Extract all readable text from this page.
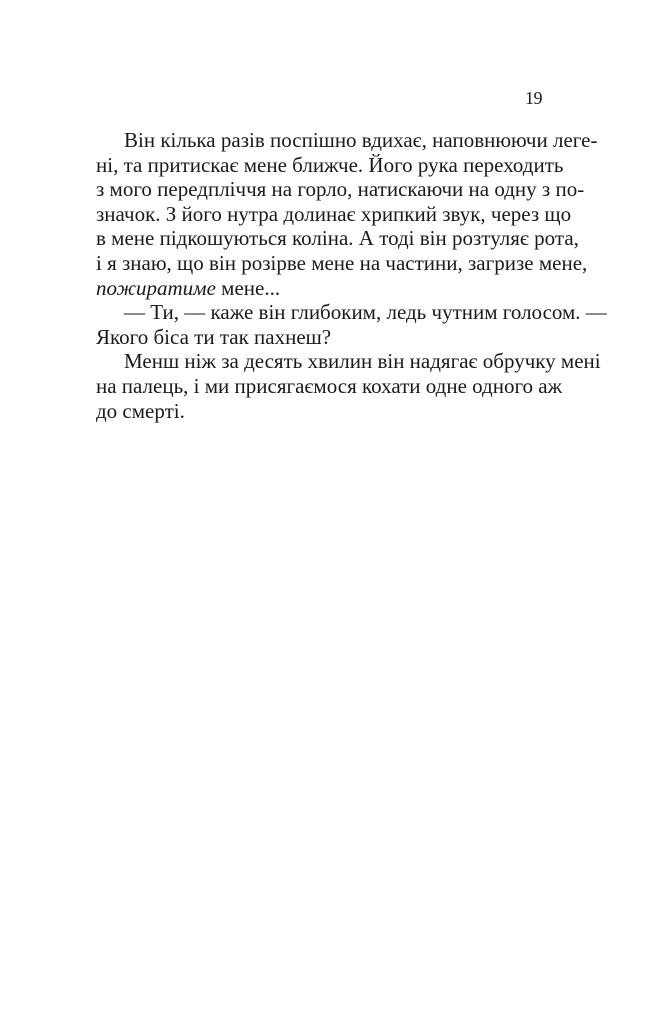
19
Він кілька разів поспішно вдихає, наповнюючи леге-
ні, та притискає мене ближче. Його рука переходить
з мого передпліччя на горло, натискаючи на одну з по-
значок. З його нутра долинає хрипкий звук, через що
в мене підкошуються коліна. А тоді він розтуляє рота,
і я знаю, що він розірве мене на частини, загризе мене,
пожиратиме мене...
— Ти, — каже він глибоким, ледь чутним голосом. —
Якого біса ти так пахнеш?
Менш ніж за десять хвилин він надягає обручку мені
на палець, і ми присягаємося кохати одне одного аж
до смерті.
